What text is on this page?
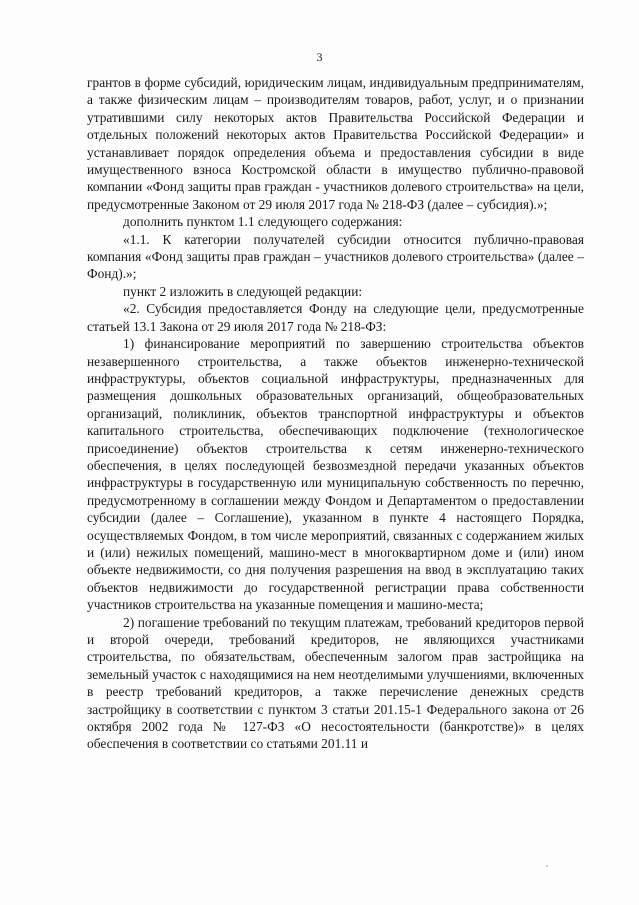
3

грантов в форме субсидий, юридическим лицам, индивидуальным предпринимателям, а также физическим лицам – производителям товаров, работ, услуг, и о признании утратившими силу некоторых актов Правительства Российской Федерации и отдельных положений некоторых актов Правительства Российской Федерации» и устанавливает порядок определения объема и предоставления субсидии в виде имущественного взноса Костромской области в имущество публично-правовой компании «Фонд защиты прав граждан - участников долевого строительства» на цели, предусмотренные Законом от 29 июля 2017 года № 218-ФЗ (далее – субсидия).»;

дополнить пунктом 1.1 следующего содержания:

«1.1. К категории получателей субсидии относится публично-правовая компания «Фонд защиты прав граждан – участников долевого строительства» (далее – Фонд).»;

пункт 2 изложить в следующей редакции:

«2. Субсидия предоставляется Фонду на следующие цели, предусмотренные статьей 13.1 Закона от 29 июля 2017 года № 218-ФЗ:

1) финансирование мероприятий по завершению строительства объектов незавершенного строительства, а также объектов инженерно-технической инфраструктуры, объектов социальной инфраструктуры, предназначенных для размещения дошкольных образовательных организаций, общеобразовательных организаций, поликлиник, объектов транспортной инфраструктуры и объектов капитального строительства, обеспечивающих подключение (технологическое присоединение) объектов строительства к сетям инженерно-технического обеспечения, в целях последующей безвозмездной передачи указанных объектов инфраструктуры в государственную или муниципальную собственность по перечню, предусмотренному в соглашении между Фондом и Департаментом о предоставлении субсидии (далее – Соглашение), указанном в пункте 4 настоящего Порядка, осуществляемых Фондом, в том числе мероприятий, связанных с содержанием жилых и (или) нежилых помещений, машино-мест в многоквартирном доме и (или) ином объекте недвижимости, со дня получения разрешения на ввод в эксплуатацию таких объектов недвижимости до государственной регистрации права собственности участников строительства на указанные помещения и машино-места;

2) погашение требований по текущим платежам, требований кредиторов первой и второй очереди, требований кредиторов, не являющихся участниками строительства, по обязательствам, обеспеченным залогом прав застройщика на земельный участок с находящимися на нем неотделимыми улучшениями, включенных в реестр требований кредиторов, а также перечисление денежных средств застройщику в соответствии с пунктом 3 статьи 201.15-1 Федерального закона от 26 октября 2002 года № 127-ФЗ «О несостоятельности (банкротстве)» в целях обеспечения в соответствии со статьями 201.11 и
